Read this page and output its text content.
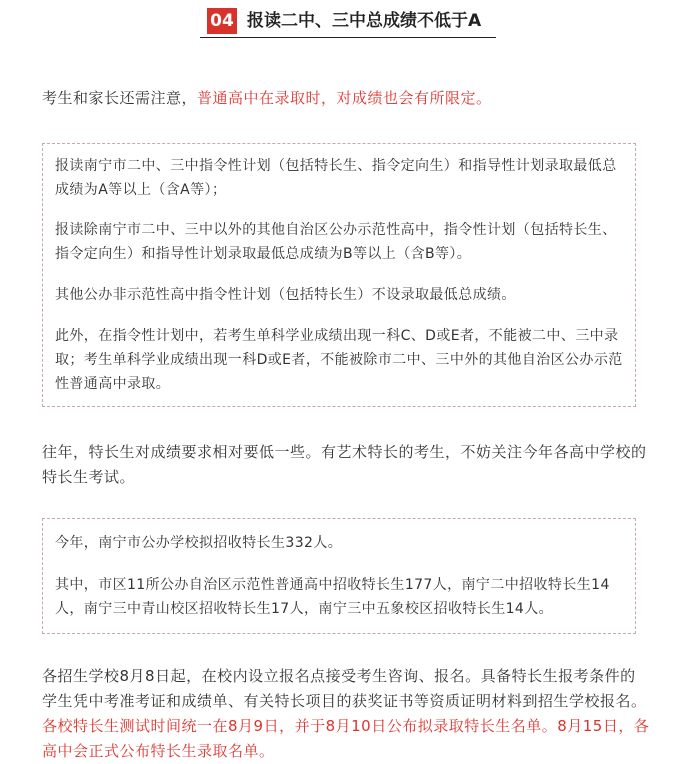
04 报读二中、三中总成绩不低于A
考生和家长还需注意，普通高中在录取时，对成绩也会有所限定。

报读南宁市二中、三中指令性计划（包括特长生、指令定向生）和指导性计划录取最低总成绩为A等以上（含A等）；

报读除南宁市二中、三中以外的其他自治区公办示范性高中，指令性计划（包括特长生、指令定向生）和指导性计划录取最低总成绩为B等以上（含B等）。

其他公办非示范性高中指令性计划（包括特长生）不设录取最低总成绩。

此外，在指令性计划中，若考生单科学业成绩出现一科C、D或E者，不能被二中、三中录取；考生单科学业成绩出现一科D或E者，不能被除市二中、三中外的其他自治区公办示范性普通高中录取。

往年，特长生对成绩要求相对要低一些。有艺术特长的考生，不妨关注今年各高中学校的特长生考试。

今年，南宁市公办学校拟招收特长生332人。

其中，市区11所公办自治区示范性普通高中招收特长生177人，南宁二中招收特长生14人，南宁三中青山校区招收特长生17人，南宁三中五象校区招收特长生14人。

各招生学校8月8日起，在校内设立报名点接受考生咨询、报名。具备特长生报考条件的学生凭中考准考证和成绩单、有关特长项目的获奖证书等资质证明材料到招生学校报名。各校特长生测试时间统一在8月9日，并于8月10日公布拟录取特长生名单。8月15日，各高中会正式公布特长生录取名单。
